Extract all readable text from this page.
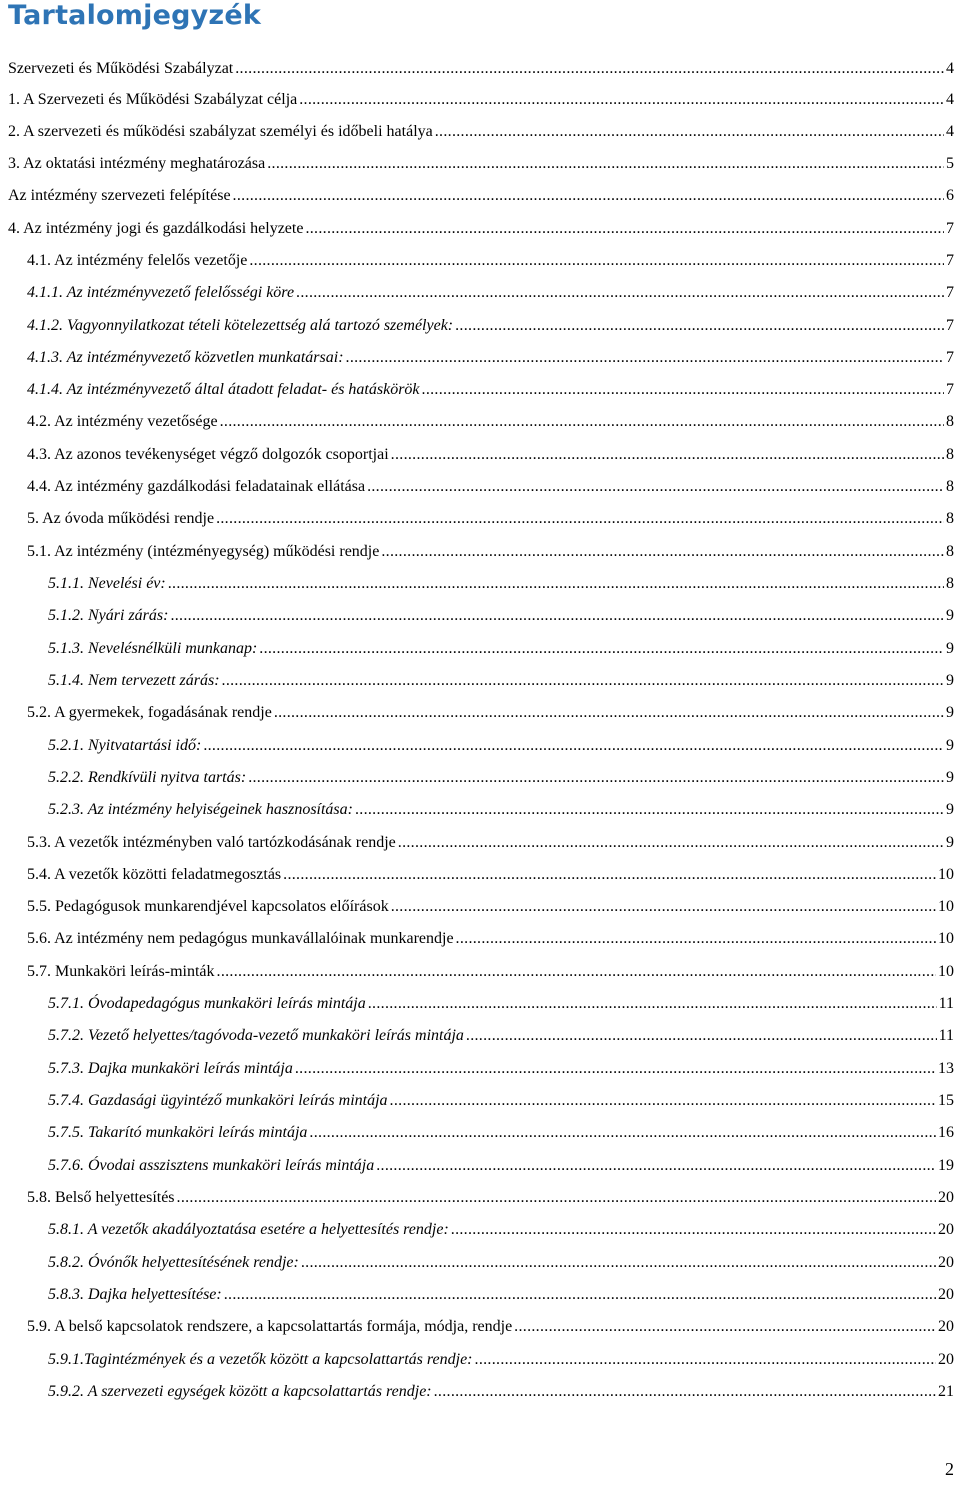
Tartalomjegyzék
Szervezeti és Működési Szabályzat .....	4
1. A Szervezeti és Működési Szabályzat célja .....	4
2. A szervezeti és működési szabályzat személyi és időbeli hatálya .....	4
3. Az oktatási intézmény meghatározása .....	5
Az intézmény szervezeti felépítése .....	6
4. Az intézmény jogi és gazdálkodási helyzete .....	7
4.1. Az intézmény felelős vezetője .....	7
4.1.1. Az intézményvezető felelősségi köre .....	7
4.1.2. Vagyonnyilatkozat tételi kötelezettség alá tartozó személyek: .....	7
4.1.3. Az intézményvezető közvetlen munkatársai: .....	7
4.1.4. Az intézményvezető által átadott feladat- és hatáskörök .....	7
4.2. Az intézmény vezetősége .....	8
4.3. Az azonos tevékenységet végző dolgozók csoportjai .....	8
4.4. Az intézmény gazdálkodási feladatainak ellátása .....	8
5. Az óvoda működési rendje .....	8
5.1. Az intézmény (intézményegység) működési rendje .....	8
5.1.1. Nevelési év: .....	8
5.1.2. Nyári zárás: .....	9
5.1.3. Nevelésnélküli munkanap: .....	9
5.1.4. Nem tervezett zárás: .....	9
5.2. A gyermekek, fogadásának rendje .....	9
5.2.1. Nyitvatartási idő: .....	9
5.2.2. Rendkívüli nyitva tartás: .....	9
5.2.3. Az intézmény helyiségeinek hasznosítása: .....	9
5.3. A vezetők intézményben való tartózkodásának rendje .....	9
5.4. A vezetők közötti feladatmegosztás .....	10
5.5. Pedagógusok munkarendjével kapcsolatos előírások .....	10
5.6. Az intézmény nem pedagógus munkavállalóinak munkarendje .....	10
5.7. Munkaköri leírás-minták .....	10
5.7.1. Óvodapedagógus munkaköri leírás mintája .....	11
5.7.2. Vezető helyettes/tagóvoda-vezető munkaköri leírás mintája .....	11
5.7.3. Dajka munkaköri leírás mintája .....	13
5.7.4. Gazdasági ügyintéző munkaköri leírás mintája .....	15
5.7.5. Takarító munkaköri leírás mintája .....	16
5.7.6. Óvodai asszisztens munkaköri leírás mintája .....	19
5.8. Belső helyettesítés .....	20
5.8.1. A vezetők akadályoztatása esetére a helyettesítés rendje: .....	20
5.8.2. Óvónők helyettesítésének rendje: .....	20
5.8.3. Dajka helyettesítése: .....	20
5.9. A belső kapcsolatok rendszere, a kapcsolattartás formája, módja, rendje .....	20
5.9.1.Tagintézmények és a vezetők között a kapcsolattartás rendje: .....	20
5.9.2. A szervezeti egységek között a kapcsolattartás rendje: .....	21
2
